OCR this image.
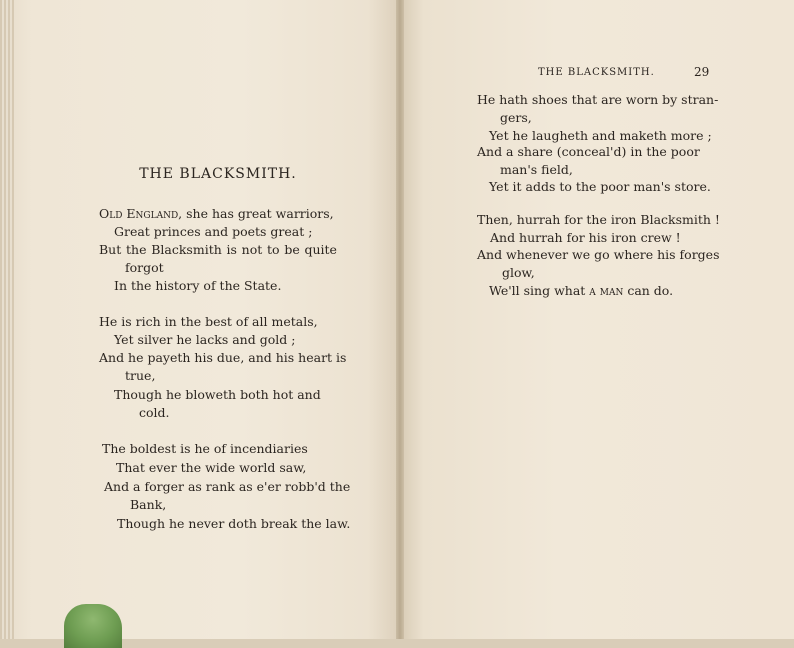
THE BLACKSMITH.
Old England, she has great warriors,
Great princes and poets great ;
But the Blacksmith is not to be quite
forgot
In the history of the State.
He is rich in the best of all metals,
Yet silver he lacks and gold ;
And he payeth his due, and his heart is
true,
Though he bloweth both hot and
cold.
The boldest is he of incendiaries
That ever the wide world saw,
And a forger as rank as e'er robb'd the
Bank,
Though he never doth break the law.
THE BLACKSMITH.	29
He hath shoes that are worn by stran-
gers,
Yet he laugheth and maketh more ;
And a share (conceal'd) in the poor
man's field,
Yet it adds to the poor man's store.
Then, hurrah for the iron Blacksmith !
And hurrah for his iron crew !
And whenever we go where his forges
glow,
We'll sing what a man can do.
